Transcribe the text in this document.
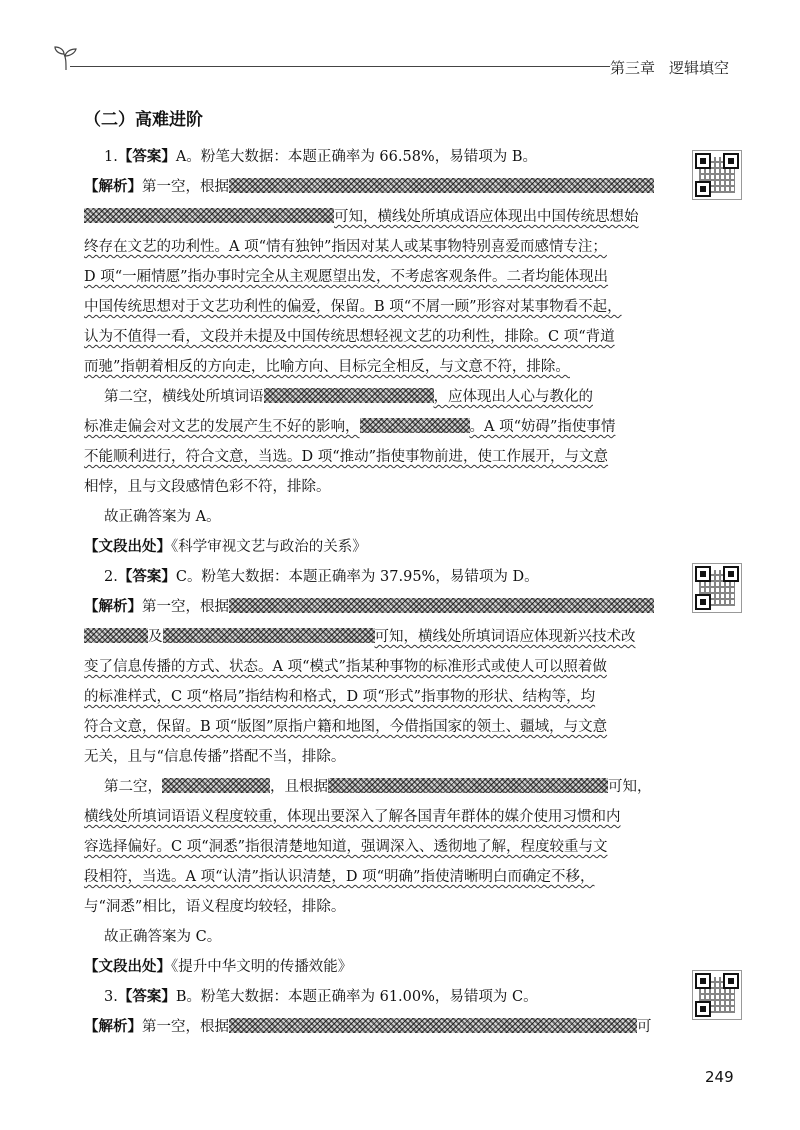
第三章 逻辑填空
（二）高难进阶
1.【答案】A。粉笔大数据：本题正确率为 66.58%，易错项为 B。
【解析】第一空，根据
可知，横线处所填成语应体现出中国传统思想始
终存在文艺的功利性。A 项“情有独钟”指因对某人或某事物特别喜爱而感情专注；
D 项“一厢情愿”指办事时完全从主观愿望出发，不考虑客观条件。二者均能体现出
中国传统思想对于文艺功利性的偏爱，保留。B 项“不屑一顾”形容对某事物看不起，
认为不值得一看，文段并未提及中国传统思想轻视文艺的功利性，排除。C 项“背道
而驰”指朝着相反的方向走，比喻方向、目标完全相反，与文意不符，排除。
第二空，横线处所填词语	，应体现出人心与教化的
标准走偏会对文艺的发展产生不好的影响，	。A 项“妨碍”指使事情
不能顺利进行，符合文意，当选。D 项“推动”指使事物前进，使工作展开，与文意
相悖，且与文段感情色彩不符，排除。
故正确答案为 A。
【文段出处】《科学审视文艺与政治的关系》
2.【答案】C。粉笔大数据：本题正确率为 37.95%，易错项为 D。
【解析】第一空，根据
及	可知，横线处所填词语应体现新兴技术改
变了信息传播的方式、状态。A 项“模式”指某种事物的标准形式或使人可以照着做
的标准样式，C 项“格局”指结构和格式，D 项“形式”指事物的形状、结构等，均
符合文意，保留。B 项“版图”原指户籍和地图，今借指国家的领土、疆域，与文意
无关，且与“信息传播”搭配不当，排除。
第二空，	，且根据	可知，
横线处所填词语语义程度较重，体现出要深入了解各国青年群体的媒介使用习惯和内
容选择偏好。C 项“洞悉”指很清楚地知道，强调深入、透彻地了解，程度较重与文
段相符，当选。A 项“认清”指认识清楚，D 项“明确”指使清晰明白而确定不移，
与“洞悉”相比，语义程度均较轻，排除。
故正确答案为 C。
【文段出处】《提升中华文明的传播效能》
3.【答案】B。粉笔大数据：本题正确率为 61.00%，易错项为 C。
【解析】第一空，根据	可
249
